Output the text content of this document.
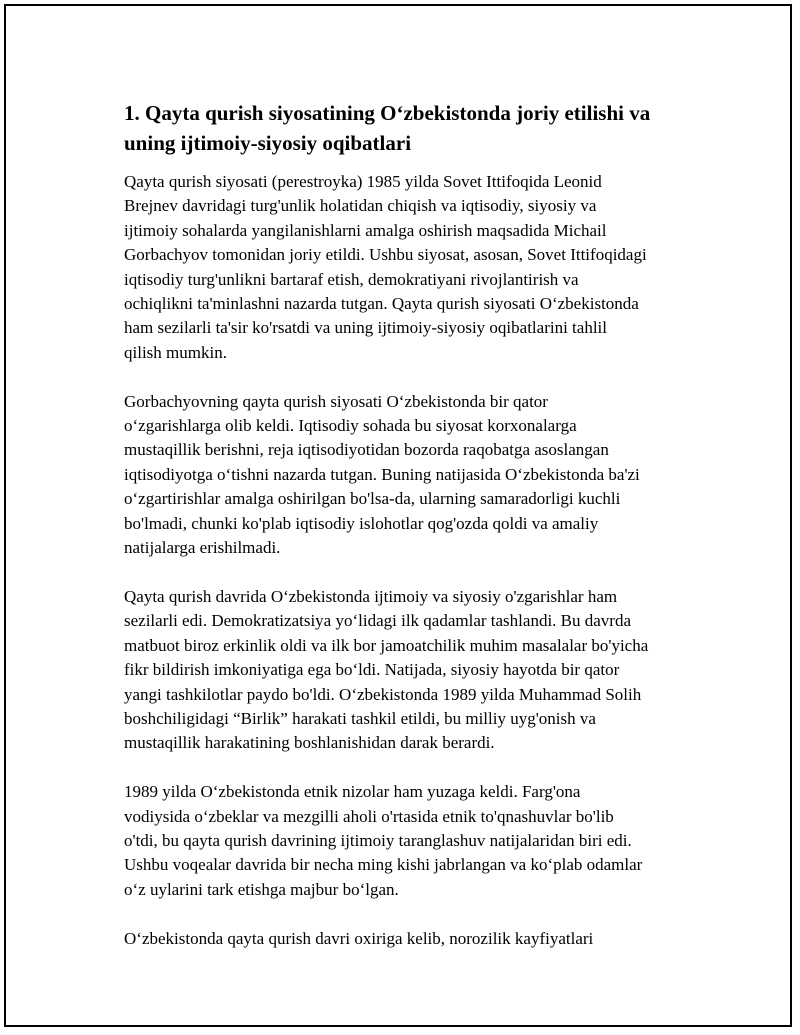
1. Qayta qurish siyosatining O‘zbekistonda joriy etilishi va
uning ijtimoiy-siyosiy oqibatlari

Qayta qurish siyosati (perestroyka) 1985 yilda Sovet Ittifoqida Leonid
Brejnev davridagi turg'unlik holatidan chiqish va iqtisodiy, siyosiy va
ijtimoiy sohalarda yangilanishlarni amalga oshirish maqsadida Michail
Gorbachyov tomonidan joriy etildi. Ushbu siyosat, asosan, Sovet Ittifoqidagi
iqtisodiy turg'unlikni bartaraf etish, demokratiyani rivojlantirish va
ochiqlikni ta'minlashni nazarda tutgan. Qayta qurish siyosati O‘zbekistonda
ham sezilarli ta'sir ko'rsatdi va uning ijtimoiy-siyosiy oqibatlarini tahlil
qilish mumkin.

Gorbachyovning qayta qurish siyosati O‘zbekistonda bir qator
o‘zgarishlarga olib keldi. Iqtisodiy sohada bu siyosat korxonalarga
mustaqillik berishni, reja iqtisodiyotidan bozorda raqobatga asoslangan
iqtisodiyotga o‘tishni nazarda tutgan. Buning natijasida O‘zbekistonda ba'zi
o‘zgartirishlar amalga oshirilgan bo'lsa-da, ularning samaradorligi kuchli
bo'lmadi, chunki ko'plab iqtisodiy islohotlar qog'ozda qoldi va amaliy
natijalarga erishilmadi.

Qayta qurish davrida O‘zbekistonda ijtimoiy va siyosiy o'zgarishlar ham
sezilarli edi. Demokratizatsiya yo‘lidagi ilk qadamlar tashlandi. Bu davrda
matbuot biroz erkinlik oldi va ilk bor jamoatchilik muhim masalalar bo'yicha
fikr bildirish imkoniyatiga ega bo‘ldi. Natijada, siyosiy hayotda bir qator
yangi tashkilotlar paydo bo'ldi. O‘zbekistonda 1989 yilda Muhammad Solih
boshchiligidagi “Birlik” harakati tashkil etildi, bu milliy uyg'onish va
mustaqillik harakatining boshlanishidan darak berardi.

1989 yilda O‘zbekistonda etnik nizolar ham yuzaga keldi. Farg'ona
vodiysida o‘zbeklar va mezgilli aholi o'rtasida etnik to'qnashuvlar bo'lib
o'tdi, bu qayta qurish davrining ijtimoiy taranglashuv natijalaridan biri edi.
Ushbu voqealar davrida bir necha ming kishi jabrlangan va ko‘plab odamlar
o‘z uylarini tark etishga majbur bo‘lgan.

O‘zbekistonda qayta qurish davri oxiriga kelib, norozilik kayfiyatlari
